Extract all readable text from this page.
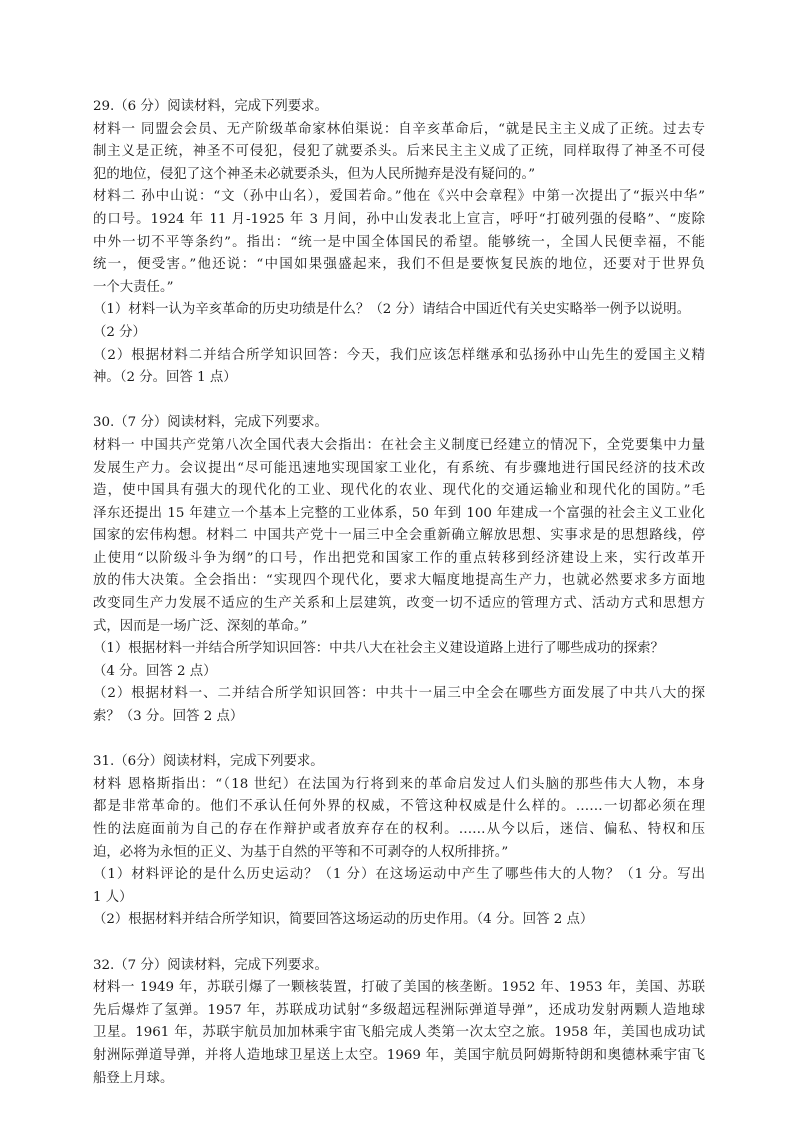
29.（6 分）阅读材料，完成下列要求。
材料一 同盟会会员、无产阶级革命家林伯渠说：自辛亥革命后，“就是民主主义成了正统。过去专
制主义是正统，神圣不可侵犯，侵犯了就要杀头。后来民主主义成了正统，同样取得了神圣不可侵
犯的地位，侵犯了这个神圣未必就要杀头，但为人民所抛弃是没有疑问的。”
材料二 孙中山说：“文（孙中山名），爱国若命。”他在《兴中会章程》中第一次提出了“振兴中华”
的口号。1924 年 11 月-1925 年 3 月间，孙中山发表北上宣言，呼吁“打破列强的侵略”、“废除
中外一切不平等条约”。指出：“统一是中国全体国民的希望。能够统一，全国人民便幸福，不能
统一，便受害。”他还说：“中国如果强盛起来，我们不但是要恢复民族的地位，还要对于世界负
一个大责任。”
（1）材料一认为辛亥革命的历史功绩是什么？（2 分）请结合中国近代有关史实略举一例予以说明。
（2 分）
（2）根据材料二并结合所学知识回答：今天，我们应该怎样继承和弘扬孙中山先生的爱国主义精
神。（2 分。回答 1 点）
30.（7 分）阅读材料，完成下列要求。
材料一 中国共产党第八次全国代表大会指出：在社会主义制度已经建立的情况下，全党要集中力量
发展生产力。会议提出“尽可能迅速地实现国家工业化，有系统、有步骤地进行国民经济的技术改
造，使中国具有强大的现代化的工业、现代化的农业、现代化的交通运输业和现代化的国防。”毛
泽东还提出 15 年建立一个基本上完整的工业体系，50 年到 100 年建成一个富强的社会主义工业化
国家的宏伟构想。材料二 中国共产党十一届三中全会重新确立解放思想、实事求是的思想路线，停
止使用“以阶级斗争为纲”的口号，作出把党和国家工作的重点转移到经济建设上来，实行改革开
放的伟大决策。全会指出：“实现四个现代化，要求大幅度地提高生产力，也就必然要求多方面地
改变同生产力发展不适应的生产关系和上层建筑，改变一切不适应的管理方式、活动方式和思想方
式，因而是一场广泛、深刻的革命。”
（1）根据材料一并结合所学知识回答：中共八大在社会主义建设道路上进行了哪些成功的探索？
（4 分。回答 2 点）
（2）根据材料一、二并结合所学知识回答：中共十一届三中全会在哪些方面发展了中共八大的探
索？（3 分。回答 2 点）
31.（6分）阅读材料，完成下列要求。
材料 恩格斯指出：“（18 世纪）在法国为行将到来的革命启发过人们头脑的那些伟大人物，本身
都是非常革命的。他们不承认任何外界的权威，不管这种权威是什么样的。……一切都必须在理
性的法庭面前为自己的存在作辩护或者放弃存在的权利。……从今以后，迷信、偏私、特权和压
迫，必将为永恒的正义、为基于自然的平等和不可剥夺的人权所排挤。”
（1）材料评论的是什么历史运动？（1 分）在这场运动中产生了哪些伟大的人物？（1 分。写出
1 人）
（2）根据材料并结合所学知识，简要回答这场运动的历史作用。（4 分。回答 2 点）
32.（7 分）阅读材料，完成下列要求。
材料一 1949 年，苏联引爆了一颗核装置，打破了美国的核垄断。1952 年、1953 年，美国、苏联
先后爆炸了氢弹。1957 年，苏联成功试射“多级超远程洲际弹道导弹”，还成功发射两颗人造地球
卫星。1961 年，苏联宇航员加加林乘宇宙飞船完成人类第一次太空之旅。1958 年，美国也成功试
射洲际弹道导弹，并将人造地球卫星送上太空。1969 年，美国宇航员阿姆斯特朗和奥德林乘宇宙飞
船登上月球。
